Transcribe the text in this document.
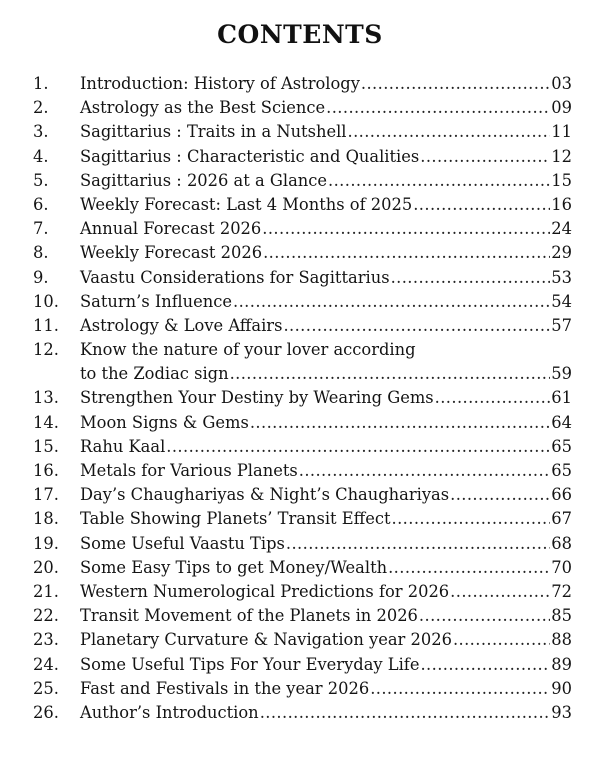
CONTENTS
1.	Introduction: History of Astrology .....	03
2.	Astrology as the Best Science .....	09
3.	Sagittarius : Traits in a Nutshell .....	11
4.	Sagittarius : Characteristic and Qualities .....	12
5.	Sagittarius : 2026 at a Glance .....	15
6.	Weekly Forecast: Last 4 Months of 2025 .....	16
7.	Annual Forecast 2026 .....	24
8.	Weekly Forecast 2026 .....	29
9.	Vaastu Considerations for Sagittarius .....	53
10.	Saturn’s Influence .....	54
11.	Astrology & Love Affairs .....	57
12.	Know the nature of your lover according
to the Zodiac sign .....	59
13.	Strengthen Your Destiny by Wearing Gems .....	61
14.	Moon Signs & Gems .....	64
15.	Rahu Kaal .....	65
16.	Metals for Various Planets .....	65
17.	Day’s Chaughariyas & Night’s Chaughariyas .....	66
18.	Table Showing Planets’ Transit Effect .....	67
19.	Some Useful Vaastu Tips .....	68
20.	Some Easy Tips to get Money/Wealth .....	70
21.	Western Numerological Predictions for 2026 .....	72
22.	Transit Movement of the Planets in 2026 .....	85
23.	Planetary Curvature & Navigation year 2026 .....	88
24.	Some Useful Tips For Your Everyday Life .....	89
25.	Fast and Festivals in the year 2026 .....	90
26.	Author’s Introduction .....	93
